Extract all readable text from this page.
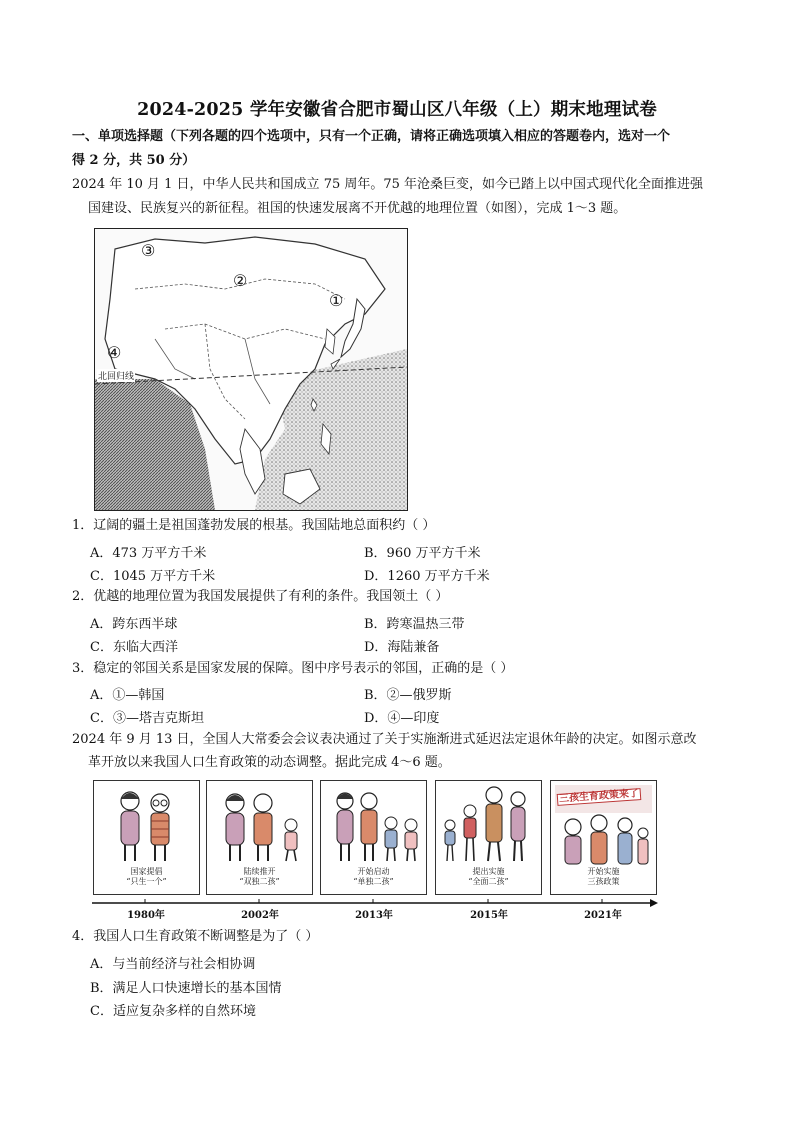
2024-2025 学年安徽省合肥市蜀山区八年级（上）期末地理试卷
一、单项选择题（下列各题的四个选项中，只有一个正确，请将正确选项填入相应的答题卷内，选对一个
得 2 分，共 50 分）
2024 年 10 月 1 日，中华人民共和国成立 75 周年。75 年沧桑巨变，如今已踏上以中国式现代化全面推进强
国建设、民族复兴的新征程。祖国的快速发展离不开优越的地理位置（如图），完成 1～3 题。
③
②
①
④
北回归线
1．辽阔的疆土是祖国蓬勃发展的根基。我国陆地总面积约（ ）
A．473 万平方千米	B．960 万平方千米
C．1045 万平方千米	D．1260 万平方千米
2．优越的地理位置为我国发展提供了有利的条件。我国领土（ ）
A．跨东西半球	B．跨寒温热三带
C．东临大西洋	D．海陆兼备
3．稳定的邻国关系是国家发展的保障。图中序号表示的邻国，正确的是（ ）
A．①—韩国	B．②—俄罗斯
C．③—塔吉克斯坦	D．④—印度
2024 年 9 月 13 日，全国人大常委会会议表决通过了关于实施渐进式延迟法定退休年龄的决定。如图示意改
革开放以来我国人口生育政策的动态调整。据此完成 4～6 题。
国家提倡
“只生一个”
陆续推开
“双独二孩”
开始启动
“单独二孩”
提出实施
“全面二孩”
三孩生育政策来了
开始实施
三孩政策
1980年	2002年	2013年	2015年	2021年
4．我国人口生育政策不断调整是为了（ ）
A．与当前经济与社会相协调
B．满足人口快速增长的基本国情
C．适应复杂多样的自然环境
